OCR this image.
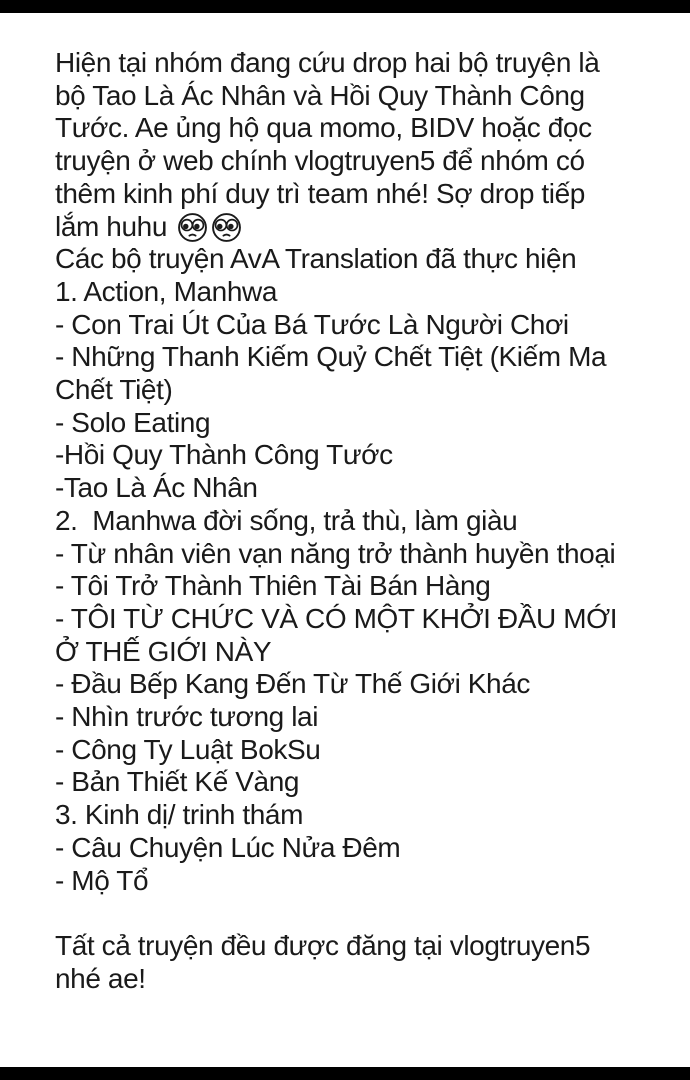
Hiện tại nhóm đang cứu drop hai bộ truyện là
bộ Tao Là Ác Nhân và Hồi Quy Thành Công
Tước. Ae ủng hộ qua momo, BIDV hoặc đọc
truyện ở web chính vlogtruyen5 để nhóm có
thêm kinh phí duy trì team nhé! Sợ drop tiếp
lắm huhu
Các bộ truyện AvA Translation đã thực hiện
1. Action, Manhwa
- Con Trai Út Của Bá Tước Là Người Chơi
- Những Thanh Kiếm Quỷ Chết Tiệt (Kiếm Ma
Chết Tiệt)
- Solo Eating
-Hồi Quy Thành Công Tước
-Tao Là Ác Nhân
2.  Manhwa đời sống, trả thù, làm giàu
- Từ nhân viên vạn năng trở thành huyền thoại
- Tôi Trở Thành Thiên Tài Bán Hàng
- TÔI TỪ CHỨC VÀ CÓ MỘT KHỞI ĐẦU MỚI
Ở THẾ GIỚI NÀY
- Đầu Bếp Kang Đến Từ Thế Giới Khác
- Nhìn trước tương lai
- Công Ty Luật BokSu
- Bản Thiết Kế Vàng
3. Kinh dị/ trinh thám
- Câu Chuyện Lúc Nửa Đêm
- Mộ Tổ

Tất cả truyện đều được đăng tại vlogtruyen5
nhé ae!
